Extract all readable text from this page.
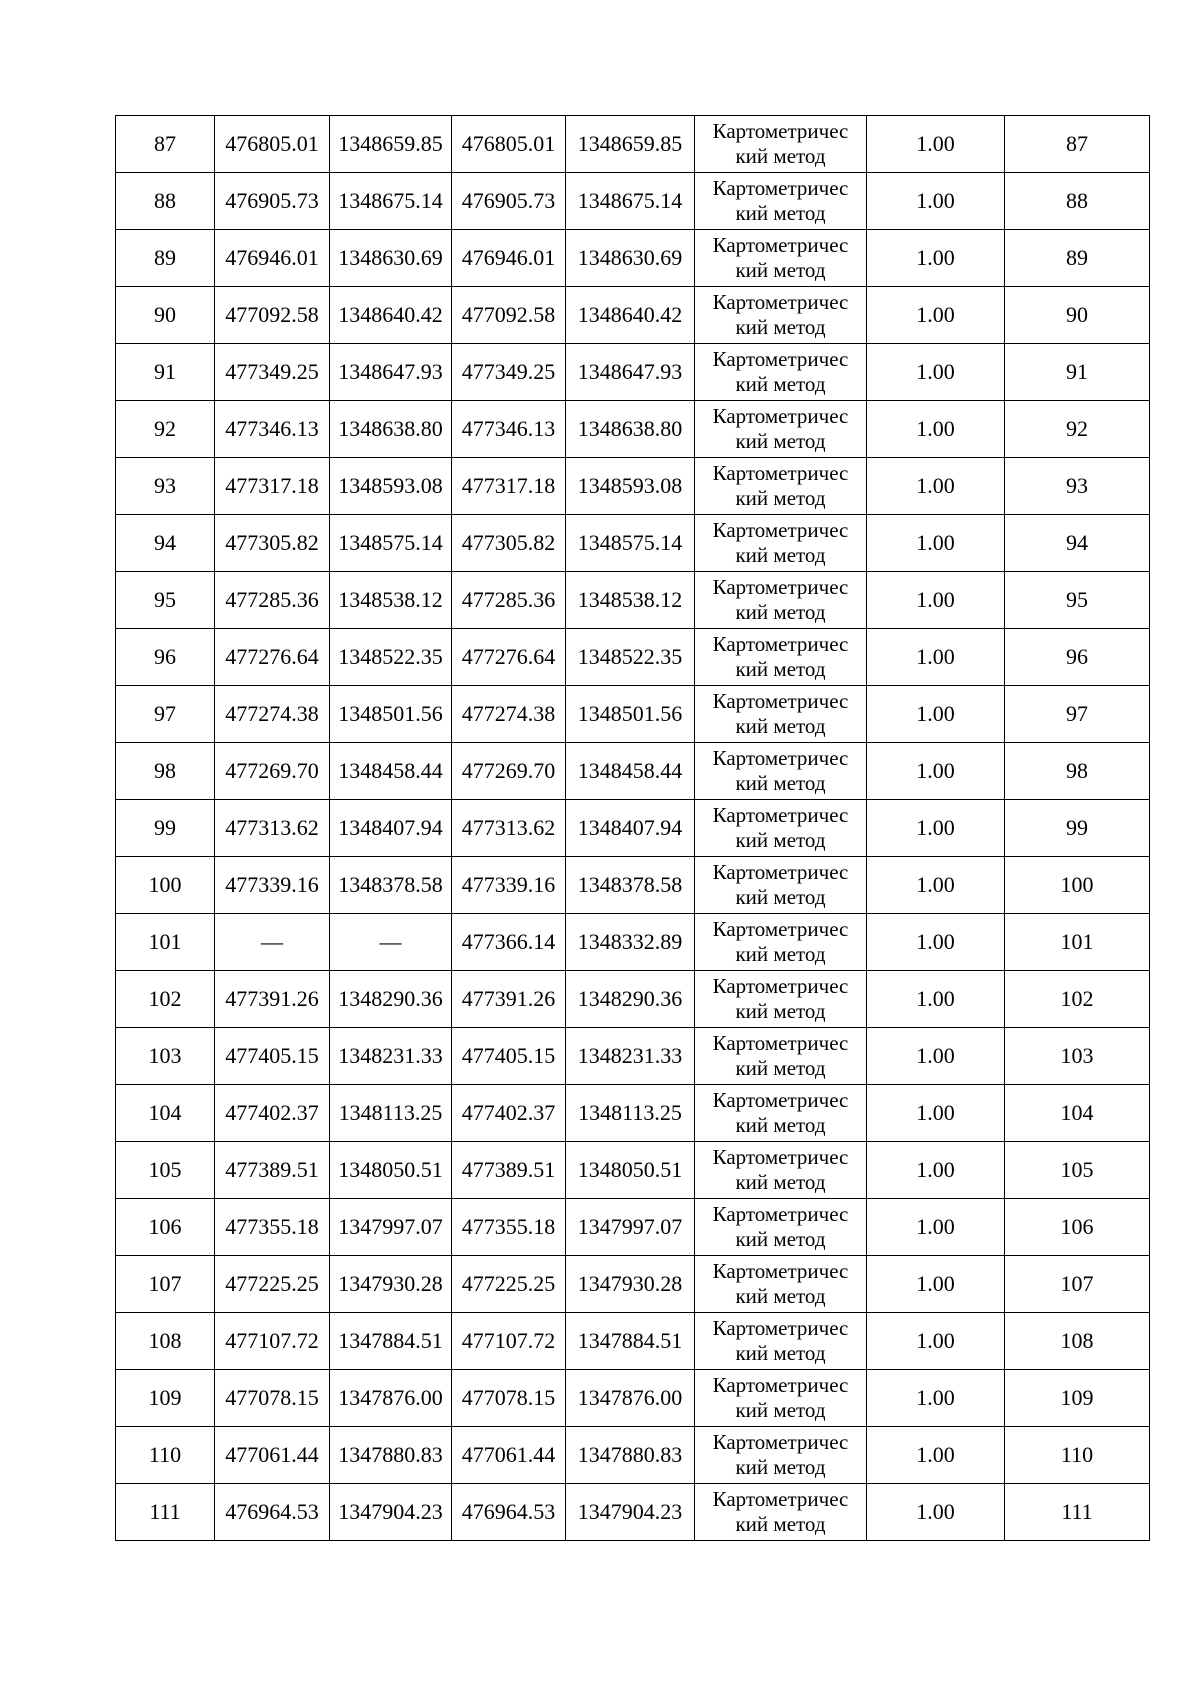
87	476805.01	1348659.85	476805.01	1348659.85	Картометричес
кий метод	1.00	87
88	476905.73	1348675.14	476905.73	1348675.14	Картометричес
кий метод	1.00	88
89	476946.01	1348630.69	476946.01	1348630.69	Картометричес
кий метод	1.00	89
90	477092.58	1348640.42	477092.58	1348640.42	Картометричес
кий метод	1.00	90
91	477349.25	1348647.93	477349.25	1348647.93	Картометричес
кий метод	1.00	91
92	477346.13	1348638.80	477346.13	1348638.80	Картометричес
кий метод	1.00	92
93	477317.18	1348593.08	477317.18	1348593.08	Картометричес
кий метод	1.00	93
94	477305.82	1348575.14	477305.82	1348575.14	Картометричес
кий метод	1.00	94
95	477285.36	1348538.12	477285.36	1348538.12	Картометричес
кий метод	1.00	95
96	477276.64	1348522.35	477276.64	1348522.35	Картометричес
кий метод	1.00	96
97	477274.38	1348501.56	477274.38	1348501.56	Картометричес
кий метод	1.00	97
98	477269.70	1348458.44	477269.70	1348458.44	Картометричес
кий метод	1.00	98
99	477313.62	1348407.94	477313.62	1348407.94	Картометричес
кий метод	1.00	99
100	477339.16	1348378.58	477339.16	1348378.58	Картометричес
кий метод	1.00	100
101	—	—	477366.14	1348332.89	Картометричес
кий метод	1.00	101
102	477391.26	1348290.36	477391.26	1348290.36	Картометричес
кий метод	1.00	102
103	477405.15	1348231.33	477405.15	1348231.33	Картометричес
кий метод	1.00	103
104	477402.37	1348113.25	477402.37	1348113.25	Картометричес
кий метод	1.00	104
105	477389.51	1348050.51	477389.51	1348050.51	Картометричес
кий метод	1.00	105
106	477355.18	1347997.07	477355.18	1347997.07	Картометричес
кий метод	1.00	106
107	477225.25	1347930.28	477225.25	1347930.28	Картометричес
кий метод	1.00	107
108	477107.72	1347884.51	477107.72	1347884.51	Картометричес
кий метод	1.00	108
109	477078.15	1347876.00	477078.15	1347876.00	Картометричес
кий метод	1.00	109
110	477061.44	1347880.83	477061.44	1347880.83	Картометричес
кий метод	1.00	110
111	476964.53	1347904.23	476964.53	1347904.23	Картометричес
кий метод	1.00	111
